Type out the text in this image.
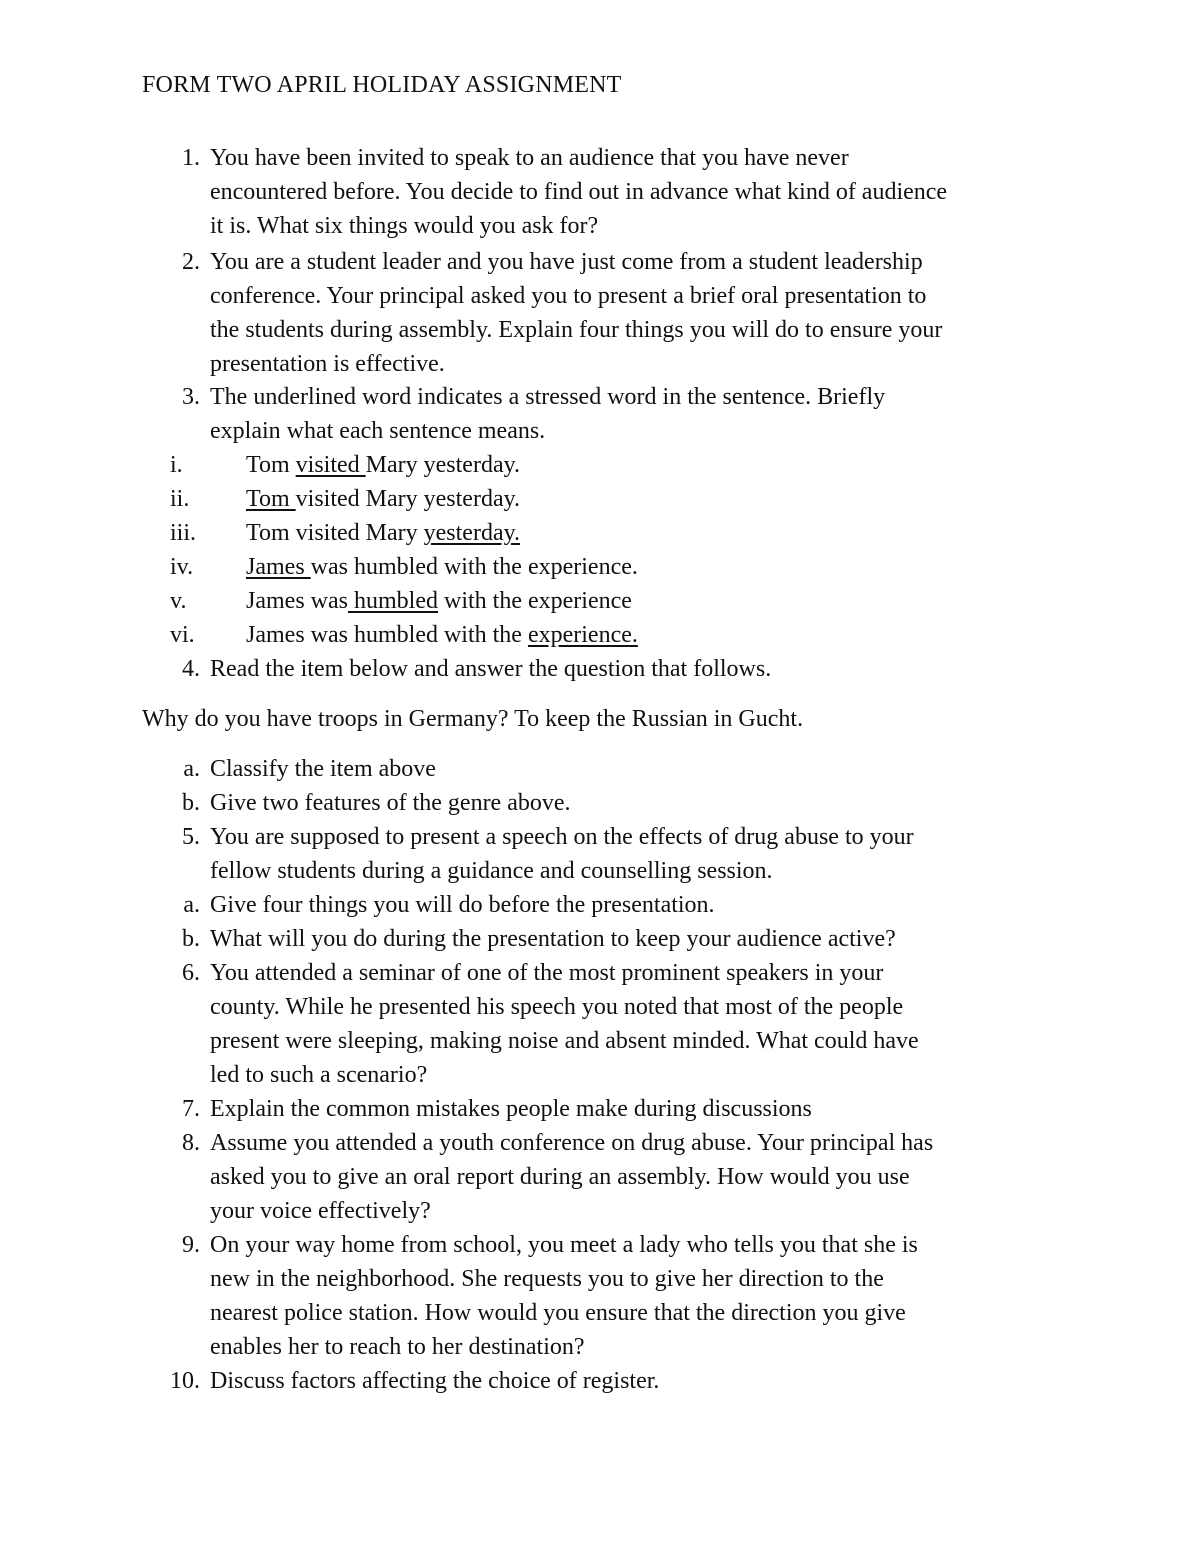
FORM TWO APRIL HOLIDAY ASSIGNMENT
1. You have been invited to speak to an audience that you have never
encountered before. You decide to find out in advance what kind of audience
it is. What six things would you ask for?
2. You are a student leader and you have just come from a student leadership
conference. Your principal asked you to present a brief oral presentation to
the students during assembly. Explain four things you will do to ensure your
presentation is effective.
3. The underlined word indicates a stressed word in the sentence. Briefly
explain what each sentence means.
i.	Tom visited Mary yesterday.
ii. Tom visited Mary yesterday.
iii. Tom visited Mary yesterday.
iv. James was humbled with the experience.
v. James was humbled with the experience
vi. James was humbled with the experience.
4. Read the item below and answer the question that follows.
Why do you have troops in Germany? To keep the Russian in Gucht.
a. Classify the item above
b. Give two features of the genre above.
5. You are supposed to present a speech on the effects of drug abuse to your
fellow students during a guidance and counselling session.
a. Give four things you will do before the presentation.
b. What will you do during the presentation to keep your audience active?
6. You attended a seminar of one of the most prominent speakers in your
county. While he presented his speech you noted that most of the people
present were sleeping, making noise and absent minded. What could have
led to such a scenario?
7. Explain the common mistakes people make during discussions
8. Assume you attended a youth conference on drug abuse. Your principal has
asked you to give an oral report during an assembly. How would you use
your voice effectively?
9. On your way home from school, you meet a lady who tells you that she is
new in the neighborhood. She requests you to give her direction to the
nearest police station. How would you ensure that the direction you give
enables her to reach to her destination?
10. Discuss factors affecting the choice of register.
